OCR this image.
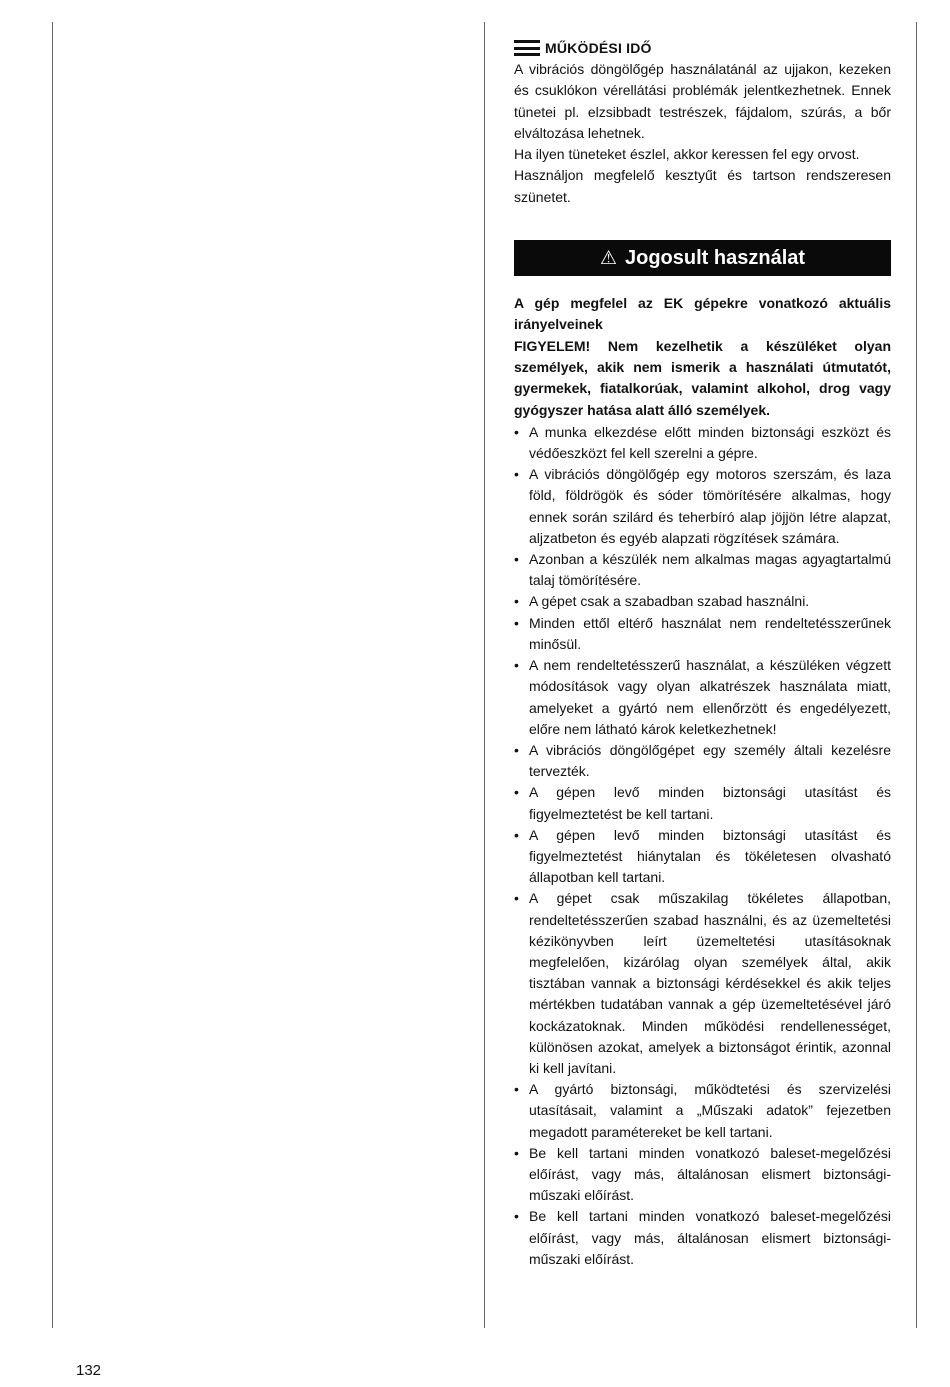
MŰKÖDÉSI IDŐ

A vibrációs döngölőgép használatánál az ujjakon, kezeken és csuklókon vérellátási problémák jelentkezhetnek. Ennek tünetei pl. elzsibbadt testrészek, fájdalom, szúrás, a bőr elváltozása lehetnek.

Ha ilyen tüneteket észlel, akkor keressen fel egy orvost.

Használjon megfelelő kesztyűt és tartson rendszeresen szünetet.

⚠ Jogosult használat

A gép megfelel az EK gépekre vonatkozó aktuális irányelveinek

FIGYELEM! Nem kezelhetik a készüléket olyan személyek, akik nem ismerik a használati útmutatót, gyermekek, fiatalkorúak, valamint alkohol, drog vagy gyógyszer hatása alatt álló személyek.

• A munka elkezdése előtt minden biztonsági eszközt és védőeszközt fel kell szerelni a gépre.
• A vibrációs döngölőgép egy motoros szerszám, és laza föld, földrögök és sóder tömörítésére alkalmas, hogy ennek során szilárd és teherbíró alap jöjjön létre alapzat, aljzatbeton és egyéb alapzati rögzítések számára.
• Azonban a készülék nem alkalmas magas agyagtartalmú talaj tömörítésére.
• A gépet csak a szabadban szabad használni.
• Minden ettől eltérő használat nem rendeltetésszerűnek minősül.
• A nem rendeltetésszerű használat, a készüléken végzett módosítások vagy olyan alkatrészek használata miatt, amelyeket a gyártó nem ellenőrzött és engedélyezett, előre nem látható károk keletkezhetnek!
• A vibrációs döngölőgépet egy személy általi kezelésre tervezték.
• A gépen levő minden biztonsági utasítást és figyelmeztetést be kell tartani.
• A gépen levő minden biztonsági utasítást és figyelmeztetést hiánytalan és tökéletesen olvasható állapotban kell tartani.
• A gépet csak műszakilag tökéletes állapotban, rendeltetésszerűen szabad használni, és az üzemeltetési kézikönyvben leírt üzemeltetési utasításoknak megfelelően, kizárólag olyan személyek által, akik tisztában vannak a biztonsági kérdésekkel és akik teljes mértékben tudatában vannak a gép üzemeltetésével járó kockázatoknak. Minden működési rendellenességet, különösen azokat, amelyek a biztonságot érintik, azonnal ki kell javítani.
• A gyártó biztonsági, működtetési és szervizelési utasításait, valamint a „Műszaki adatok” fejezetben megadott paramétereket be kell tartani.
• Be kell tartani minden vonatkozó baleset-megelőzési előírást, vagy más, általánosan elismert biztonsági-műszaki előírást.
• Be kell tartani minden vonatkozó baleset-megelőzési előírást, vagy más, általánosan elismert biztonsági-műszaki előírást.
132
